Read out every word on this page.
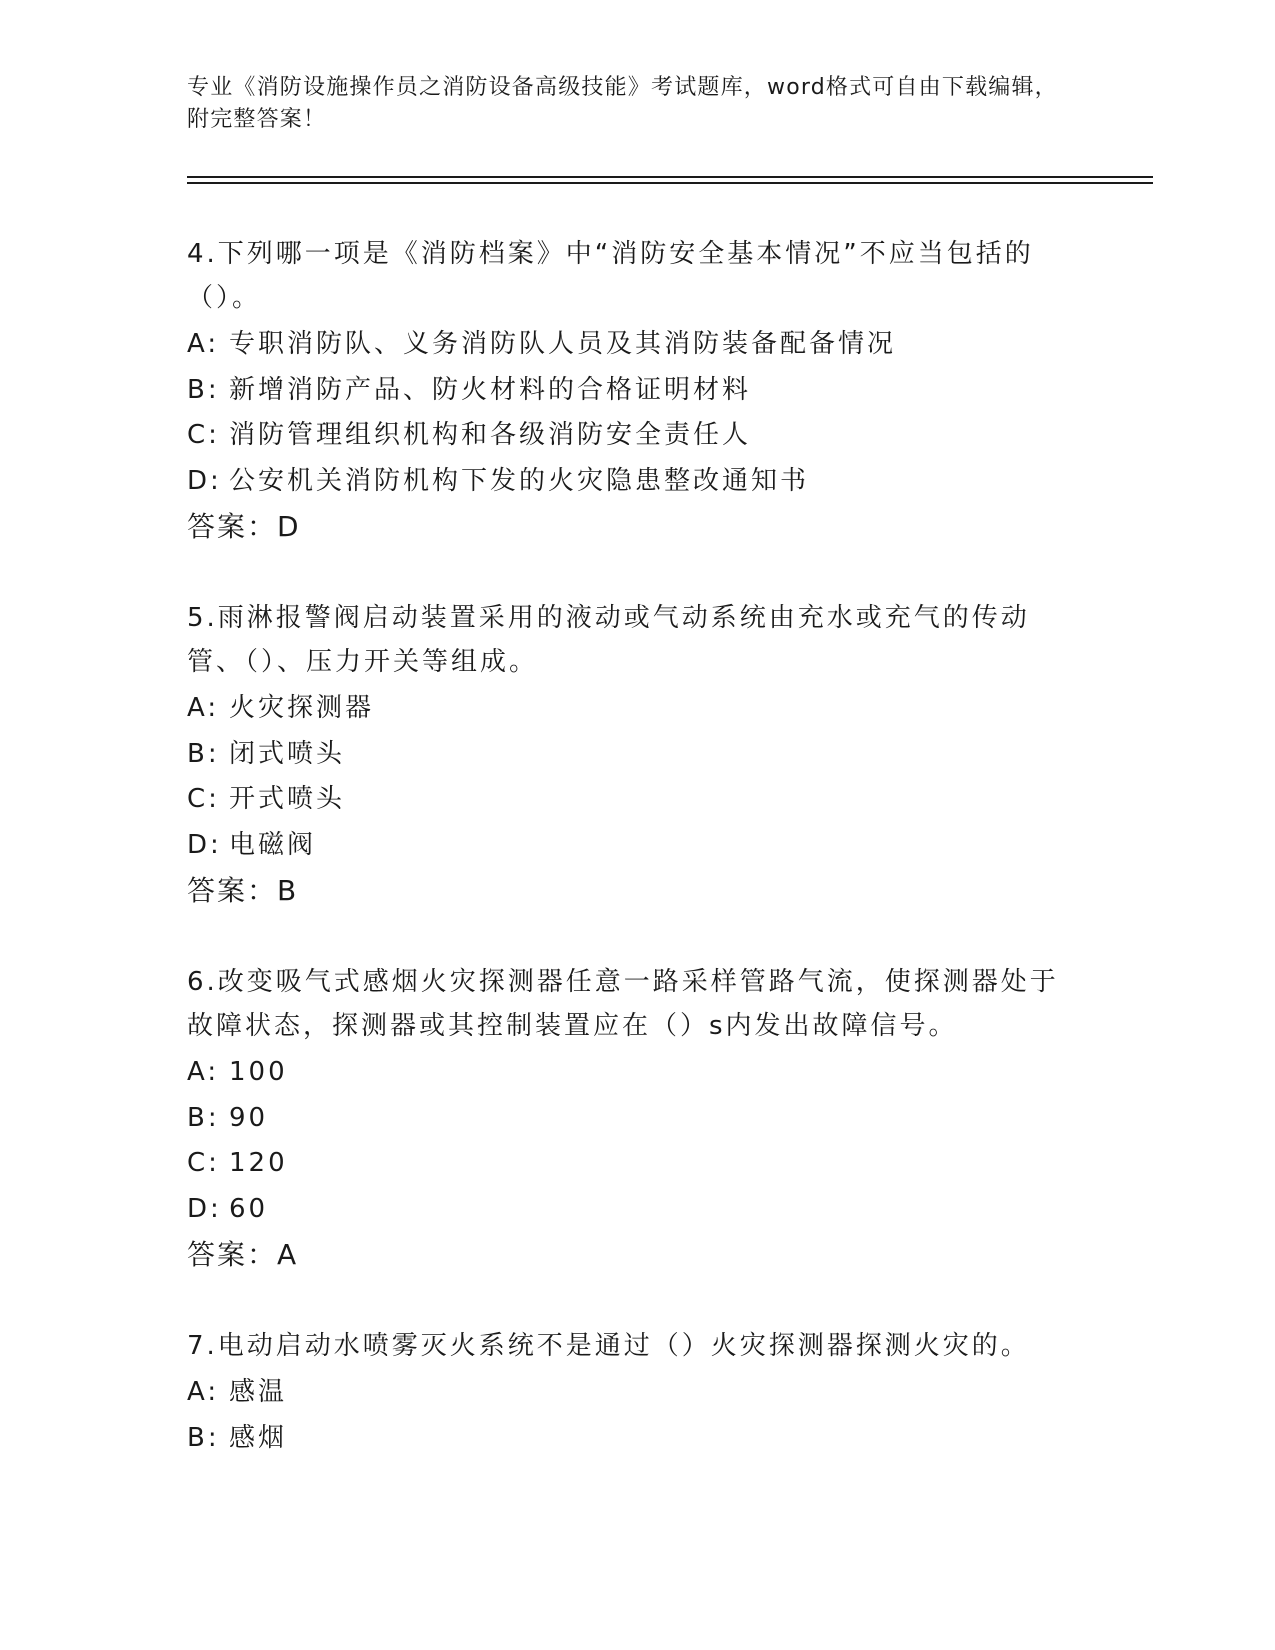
专业《消防设施操作员之消防设备高级技能》考试题库，word格式可自由下载编辑，附完整答案！
4.下列哪一项是《消防档案》中“消防安全基本情况”不应当包括的（）。
A: 专职消防队、义务消防队人员及其消防装备配备情况
B: 新增消防产品、防火材料的合格证明材料
C: 消防管理组织机构和各级消防安全责任人
D: 公安机关消防机构下发的火灾隐患整改通知书
答案：D
5.雨淋报警阀启动装置采用的液动或气动系统由充水或充气的传动管、（）、压力开关等组成。
A: 火灾探测器
B: 闭式喷头
C: 开式喷头
D: 电磁阀
答案：B
6.改变吸气式感烟火灾探测器任意一路采样管路气流，使探测器处于故障状态，探测器或其控制装置应在（）s内发出故障信号。
A: 100
B: 90
C: 120
D: 60
答案：A
7.电动启动水喷雾灭火系统不是通过（）火灾探测器探测火灾的。
A: 感温
B: 感烟
